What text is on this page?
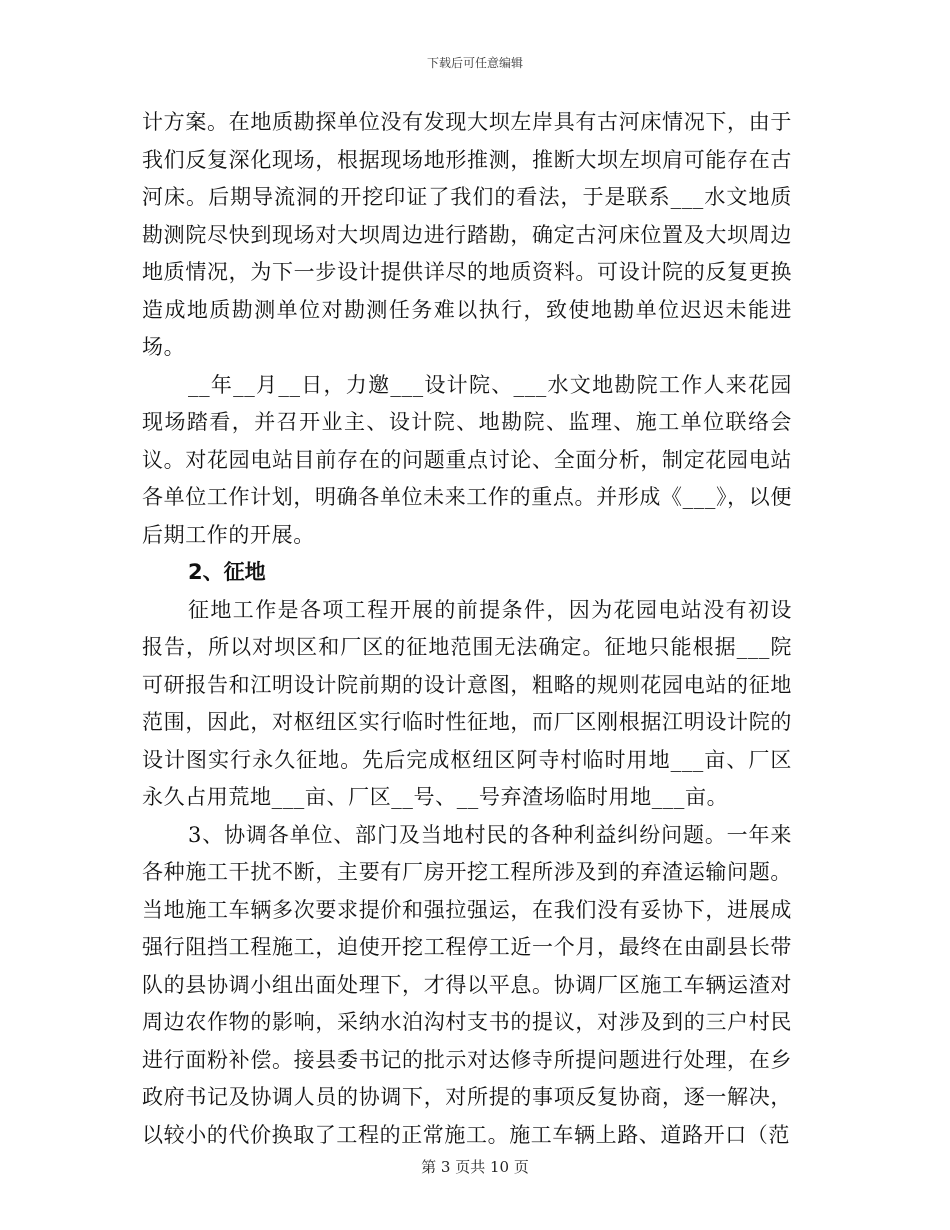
下载后可任意编辑

计方案。在地质勘探单位没有发现大坝左岸具有古河床情况下，由于我们反复深化现场，根据现场地形推测，推断大坝左坝肩可能存在古河床。后期导流洞的开挖印证了我们的看法，于是联系___水文地质勘测院尽快到现场对大坝周边进行踏勘，确定古河床位置及大坝周边地质情况，为下一步设计提供详尽的地质资料。可设计院的反复更换造成地质勘测单位对勘测任务难以执行，致使地勘单位迟迟未能进场。

__年__月__日，力邀___设计院、___水文地勘院工作人来花园现场踏看，并召开业主、设计院、地勘院、监理、施工单位联络会议。对花园电站目前存在的问题重点讨论、全面分析，制定花园电站各单位工作计划，明确各单位未来工作的重点。并形成《___》，以便后期工作的开展。

2、征地

征地工作是各项工程开展的前提条件，因为花园电站没有初设报告，所以对坝区和厂区的征地范围无法确定。征地只能根据___院可研报告和江明设计院前期的设计意图，粗略的规则花园电站的征地范围，因此，对枢纽区实行临时性征地，而厂区刚根据江明设计院的设计图实行永久征地。先后完成枢纽区阿寺村临时用地___亩、厂区永久占用荒地___亩、厂区__号、__号弃渣场临时用地___亩。

3、协调各单位、部门及当地村民的各种利益纠纷问题。一年来各种施工干扰不断，主要有厂房开挖工程所涉及到的弃渣运输问题。当地施工车辆多次要求提价和强拉强运，在我们没有妥协下，进展成强行阻挡工程施工，迫使开挖工程停工近一个月，最终在由副县长带队的县协调小组出面处理下，才得以平息。协调厂区施工车辆运渣对周边农作物的影响，采纳水泊沟村支书的提议，对涉及到的三户村民进行面粉补偿。接县委书记的批示对达修寺所提问题进行处理，在乡政府书记及协调人员的协调下，对所提的事项反复协商，逐一解决，以较小的代价换取了工程的正常施工。施工车辆上路、道路开口（范

第 3 页共 10 页
